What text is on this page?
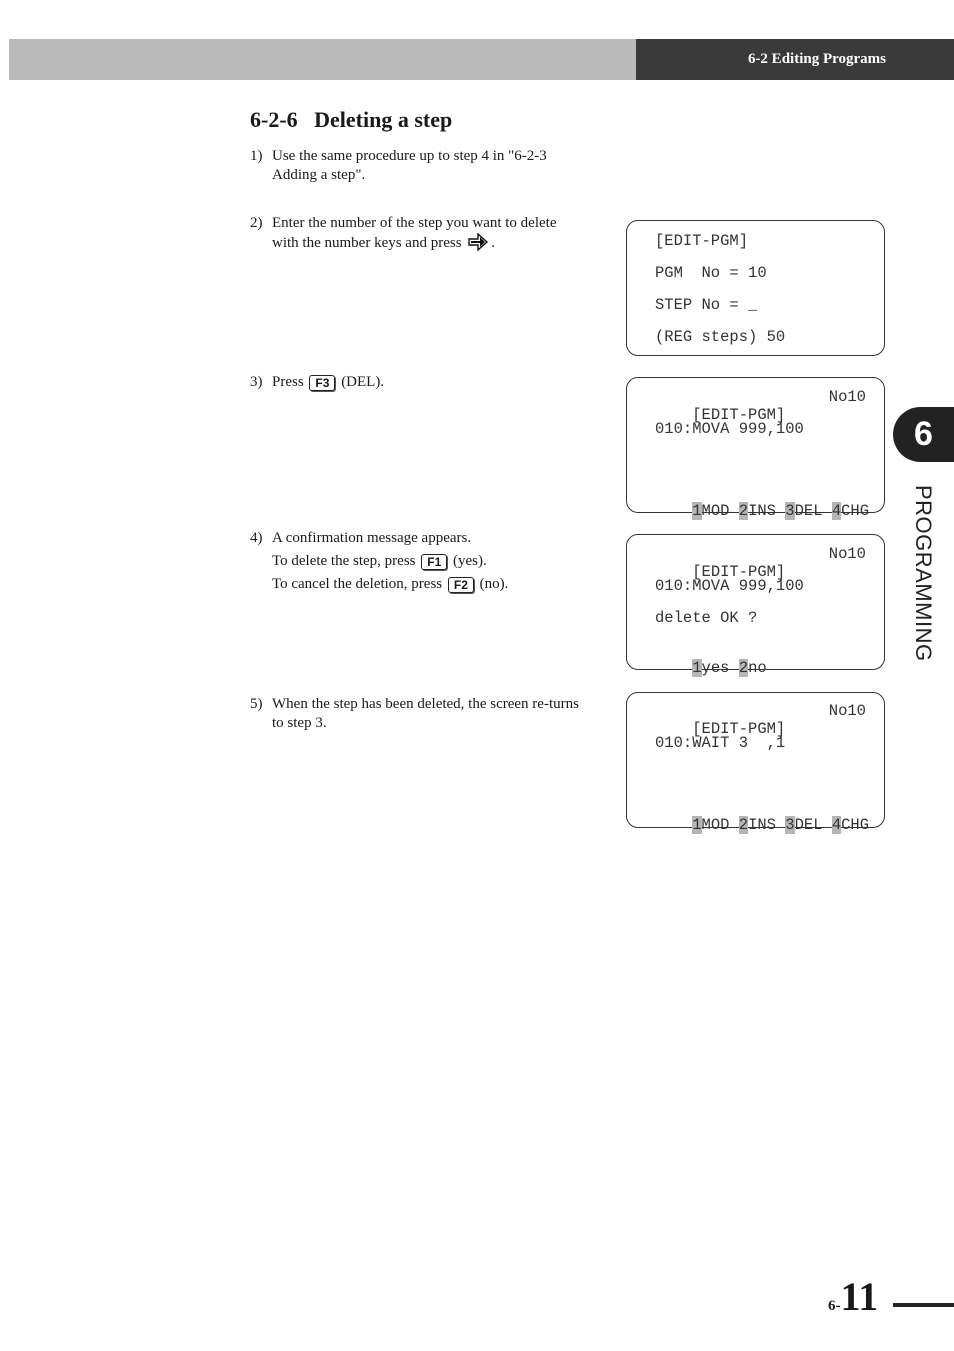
6-2 Editing Programs
6-2-6   Deleting a step
1) Use the same procedure up to step 4 in "6-2-3 Adding a step".

2) Enter the number of the step you want to delete with the number keys and press .

3) Press F3 (DEL).

4) A confirmation message appears.

To delete the step, press F1 (yes).

To cancel the deletion, press F2 (no).

5) When the step has been deleted, the screen re-turns to step 3.

[EDIT-PGM]
PGM  No = 10
STEP No = _
(REG steps) 50

[EDIT-PGM]

No10

010:MOVA 999,100

1MOD 2INS 3DEL 4CHG

[EDIT-PGM]

No10

010:MOVA 999,100
delete OK ?

1yes 2no

[EDIT-PGM]

No10

010:WAIT 3  ,1

1MOD 2INS 3DEL 4CHG

6
PROGRAMMING
6-11
